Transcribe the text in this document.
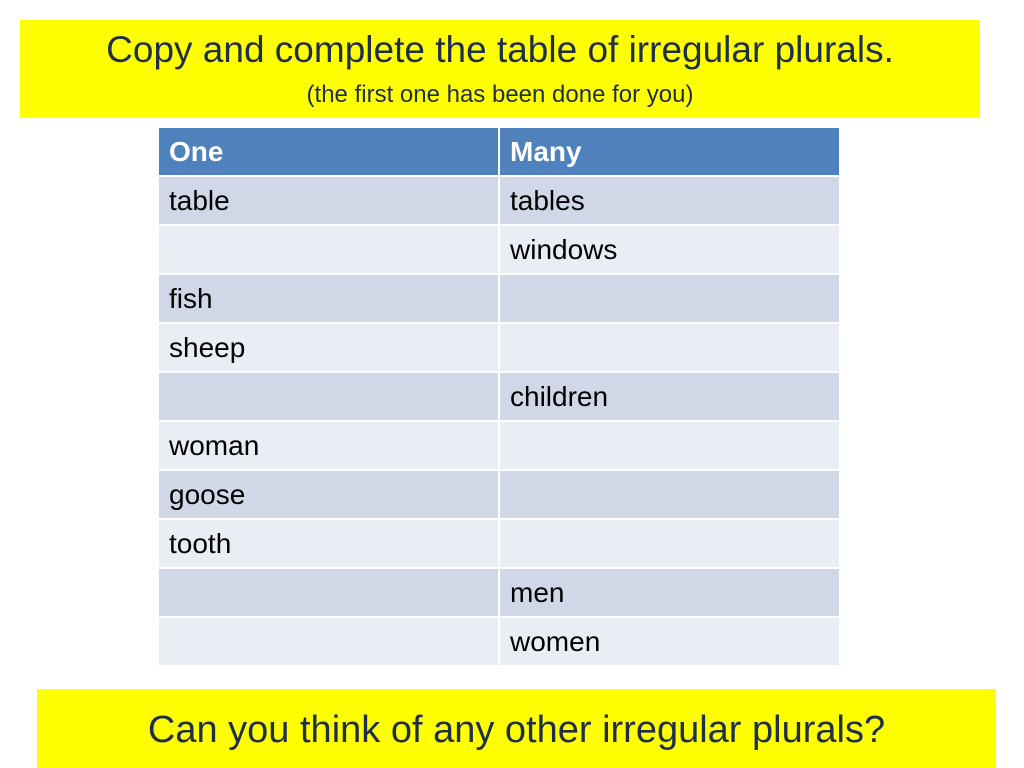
Copy and complete the table of irregular plurals.
(the first one has been done for you)
One	Many
table	tables
	windows
fish	
sheep	
	children
woman	
goose	
tooth	
	men
	women
Can you think of any other irregular plurals?
